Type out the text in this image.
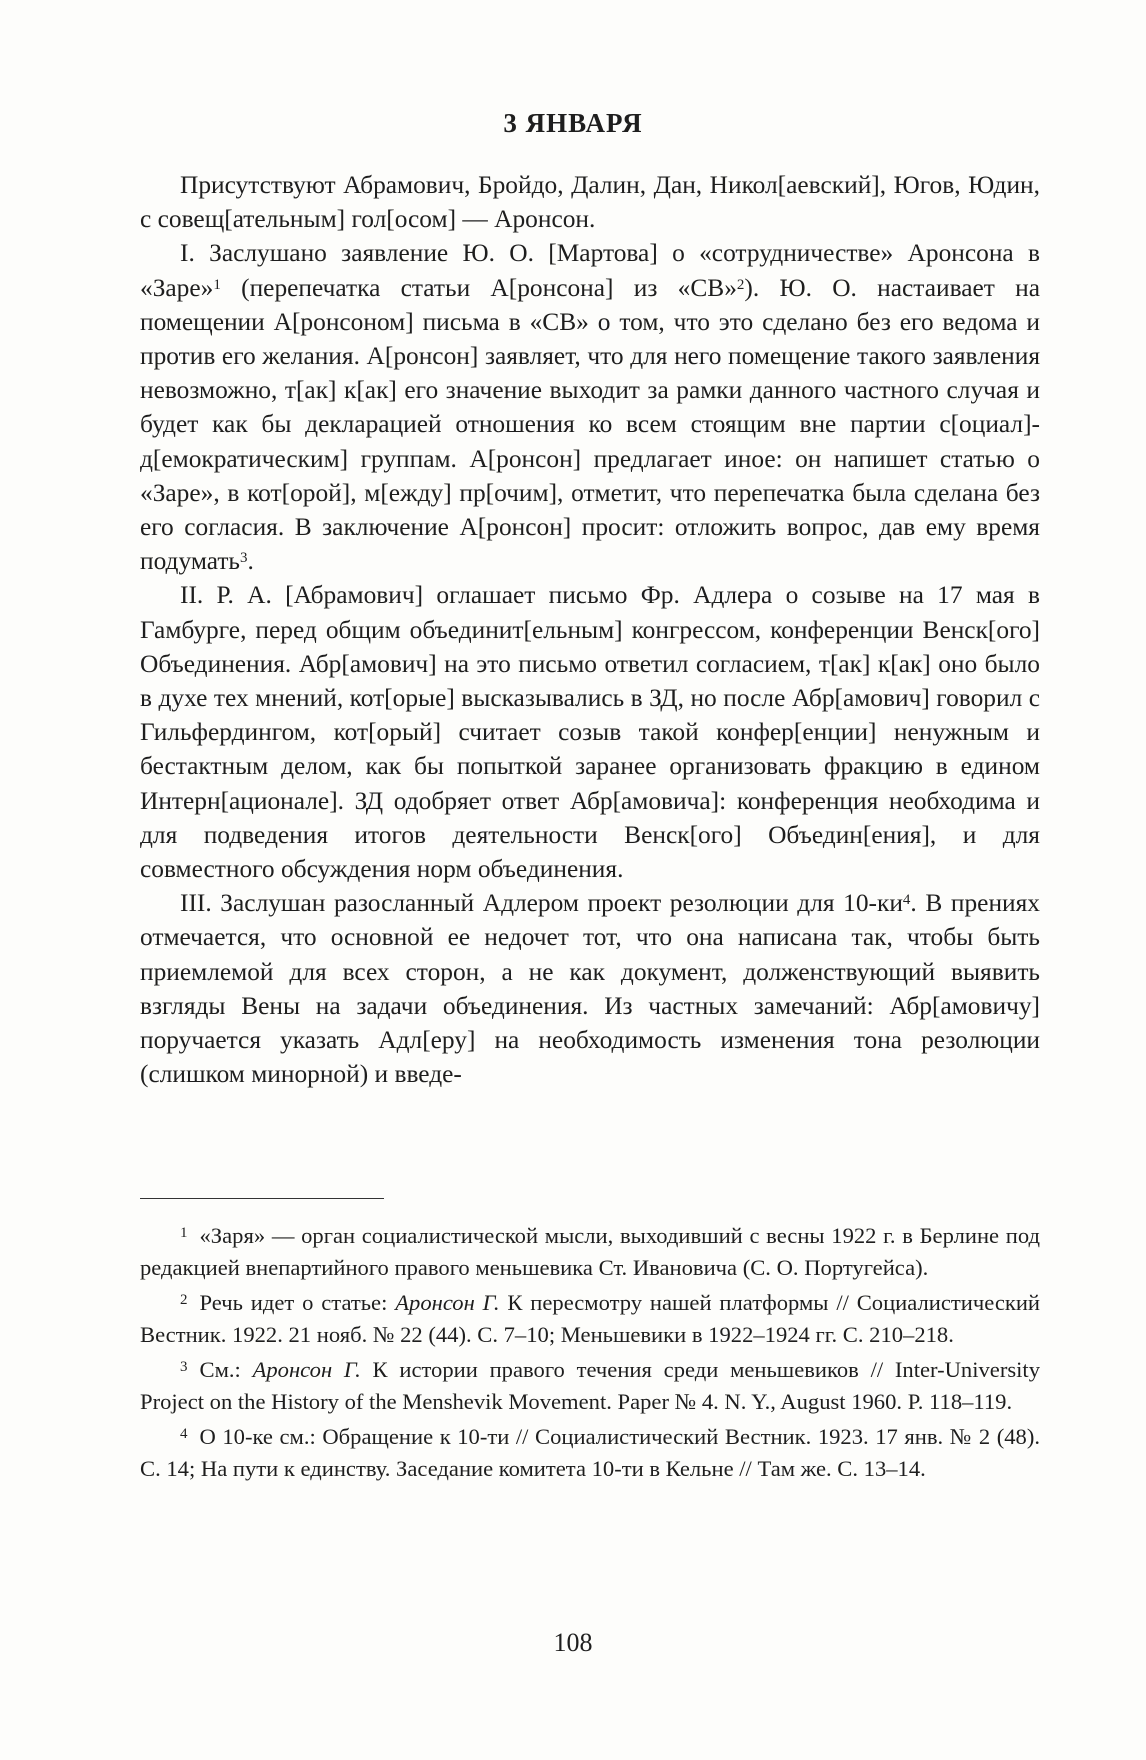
3 ЯНВАРЯ

Присутствуют Абрамович, Бройдо, Далин, Дан, Никол[аевский], Югов, Юдин, с совещ[ательным] гол[осом] — Аронсон.

I. Заслушано заявление Ю. О. [Мартова] о «сотрудничестве» Аронсона в «Заре»$^1$ (перепечатка статьи А[ронсона] из «СВ»$^2$). Ю. О. настаивает на помещении А[ронсоном] письма в «СВ» о том, что это сделано без его ведома и против его желания. А[ронсон] заявляет, что для него помещение такого заявления невозможно, т[ак] к[ак] его значение выходит за рамки данного частного случая и будет как бы декларацией отношения ко всем стоящим вне партии с[оциал]-д[емократическим] группам. А[ронсон] предлагает иное: он напишет статью о «Заре», в кот[орой], м[ежду] пр[очим], отметит, что перепечатка была сделана без его согласия. В заключение А[ронсон] просит: отложить вопрос, дав ему время подумать$^3$.

II. Р. А. [Абрамович] оглашает письмо Фр. Адлера о созыве на 17 мая в Гамбурге, перед общим объединит[ельным] конгрессом, конференции Венск[ого] Объединения. Абр[амович] на это письмо ответил согласием, т[ак] к[ак] оно было в духе тех мнений, кот[орые] высказывались в ЗД, но после Абр[амович] говорил с Гильфердингом, кот[орый] считает созыв такой конфер[енции] ненужным и бестактным делом, как бы попыткой заранее организовать фракцию в едином Интерн[ационале]. ЗД одобряет ответ Абр[амовича]: конференция необходима и для подведения итогов деятельности Венск[ого] Объедин[ения], и для совместного обсуждения норм объединения.

III. Заслушан разосланный Адлером проект резолюции для $10-ки^4$. В прениях отмечается, что основной ее недочет тот, что она написана так, чтобы быть приемлемой для всех сторон, а не как документ, долженствующий выявить взгляды Вены на задачи объединения. Из частных замечаний: Абр[амовичу] поручается указать Адл[еру] на необходимость изменения тона резолюции (слишком минорной) и введе-

$^1$ «Заря» — орган социалистической мысли, выходивший с весны 1922 г. в Берлине под редакцией внепартийного правого меньшевика Ст. Ивановича (С. О. Португейса).

$^2$ Речь идет о статье: Аронсон Г. К пересмотру нашей платформы // Социалистический Вестник. 1922. 21 нояб. № 22 (44). С. 7–10; Меньшевики в 1922–1924 гг. С. 210–218.

$^3$ См.: Аронсон Г. К истории правого течения среди меньшевиков // Inter-University Project on the History of the Menshevik Movement. Paper № 4. N. Y., August 1960. P. 118–119.

$^4$ О 10-ке см.: Обращение к 10-ти // Социалистический Вестник. 1923. 17 янв. № 2 (48). С. 14; На пути к единству. Заседание комитета 10-ти в Кельне // Там же. С. 13–14.

108
